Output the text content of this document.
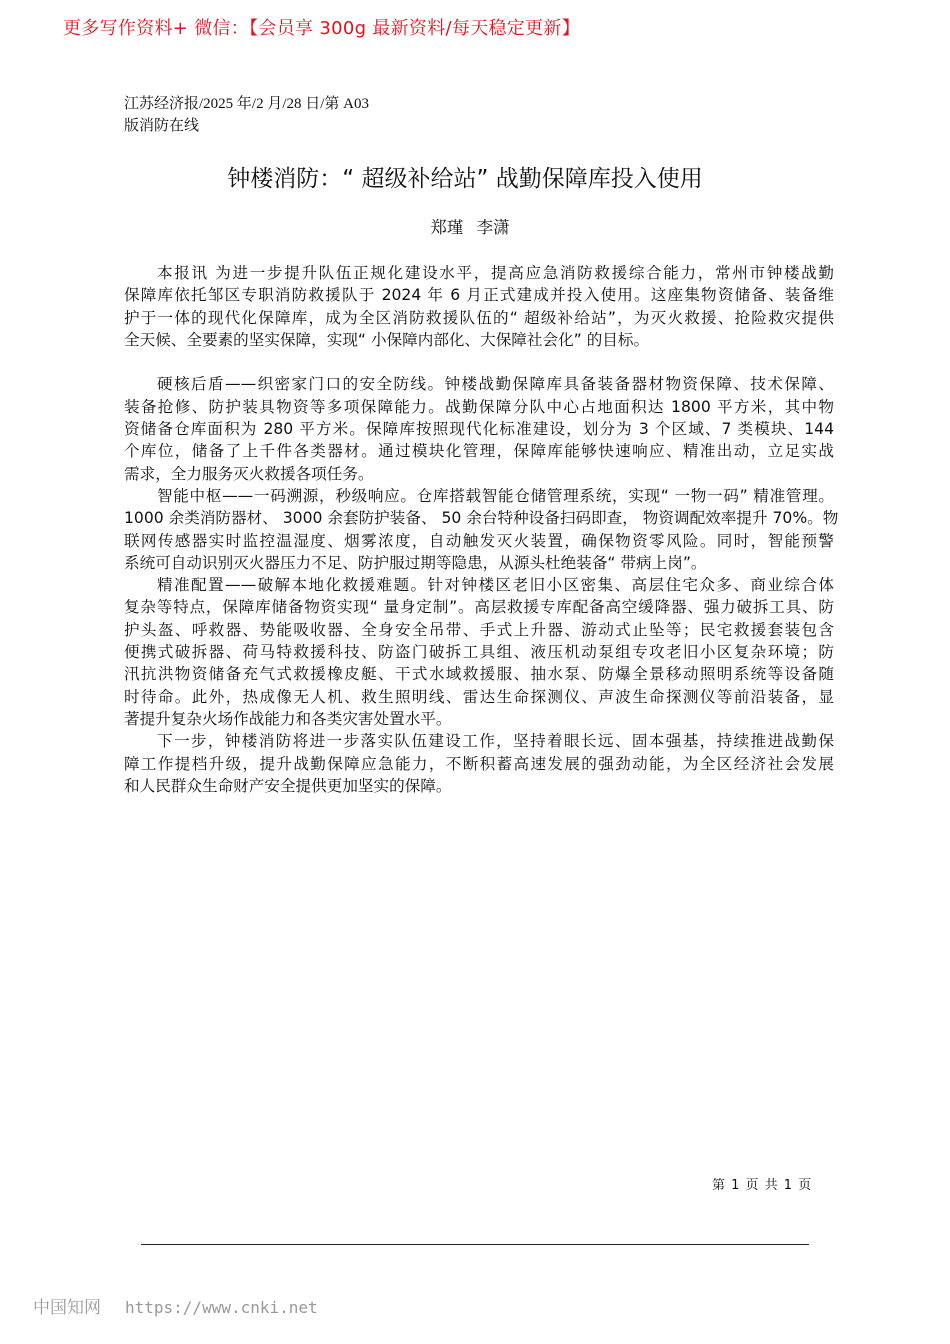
更多写作资料+ 微信：【会员享 300g 最新资料/每天稳定更新】
江苏经济报/2025 年/2 月/28 日/第 A03
版消防在线
钟楼消防：“ 超级补给站” 战勤保障库投入使用
郑瑾 李潇
本报讯 为进一步提升队伍正规化建设水平，提高应急消防救援综合能力，常州市钟楼战勤
保障库依托邹区专职消防救援队于 2024 年 6 月正式建成并投入使用。这座集物资储备、装备维
护于一体的现代化保障库，成为全区消防救援队伍的“ 超级补给站”，为灭火救援、抢险救灾提供
全天候、全要素的坚实保障，实现“ 小保障内部化、大保障社会化” 的目标。
硬核后盾——织密家门口的安全防线。钟楼战勤保障库具备装备器材物资保障、技术保障、
装备抢修、防护装具物资等多项保障能力。战勤保障分队中心占地面积达 1800 平方米，其中物
资储备仓库面积为 280 平方米。保障库按照现代化标准建设，划分为 3 个区域、7 类模块、144
个库位，储备了上千件各类器材。通过模块化管理，保障库能够快速响应、精准出动，立足实战
需求，全力服务灭火救援各项任务。
智能中枢——一码溯源，秒级响应。仓库搭载智能仓储管理系统，实现“ 一物一码” 精准管理。
1000 余类消防器材、 3000 余套防护装备、 50 余台特种设备扫码即查， 物资调配效率提升 70%。物
联网传感器实时监控温湿度、烟雾浓度，自动触发灭火装置，确保物资零风险。同时，智能预警
系统可自动识别灭火器压力不足、防护服过期等隐患，从源头杜绝装备“ 带病上岗”。
精准配置——破解本地化救援难题。针对钟楼区老旧小区密集、高层住宅众多、商业综合体
复杂等特点，保障库储备物资实现“ 量身定制”。高层救援专库配备高空缓降器、强力破拆工具、防
护头盔、呼救器、势能吸收器、全身安全吊带、手式上升器、游动式止坠等；民宅救援套装包含
便携式破拆器、荷马特救援科技、防盗门破拆工具组、液压机动泵组专攻老旧小区复杂环境；防
汛抗洪物资储备充气式救援橡皮艇、干式水域救援服、抽水泵、防爆全景移动照明系统等设备随
时待命。此外，热成像无人机、救生照明线、雷达生命探测仪、声波生命探测仪等前沿装备，显
著提升复杂火场作战能力和各类灾害处置水平。
下一步，钟楼消防将进一步落实队伍建设工作，坚持着眼长远、固本强基，持续推进战勤保
障工作提档升级，提升战勤保障应急能力，不断积蓄高速发展的强劲动能，为全区经济社会发展
和人民群众生命财产安全提供更加坚实的保障。
第 1 页 共 1 页
中国知网 https://www.cnki.net
